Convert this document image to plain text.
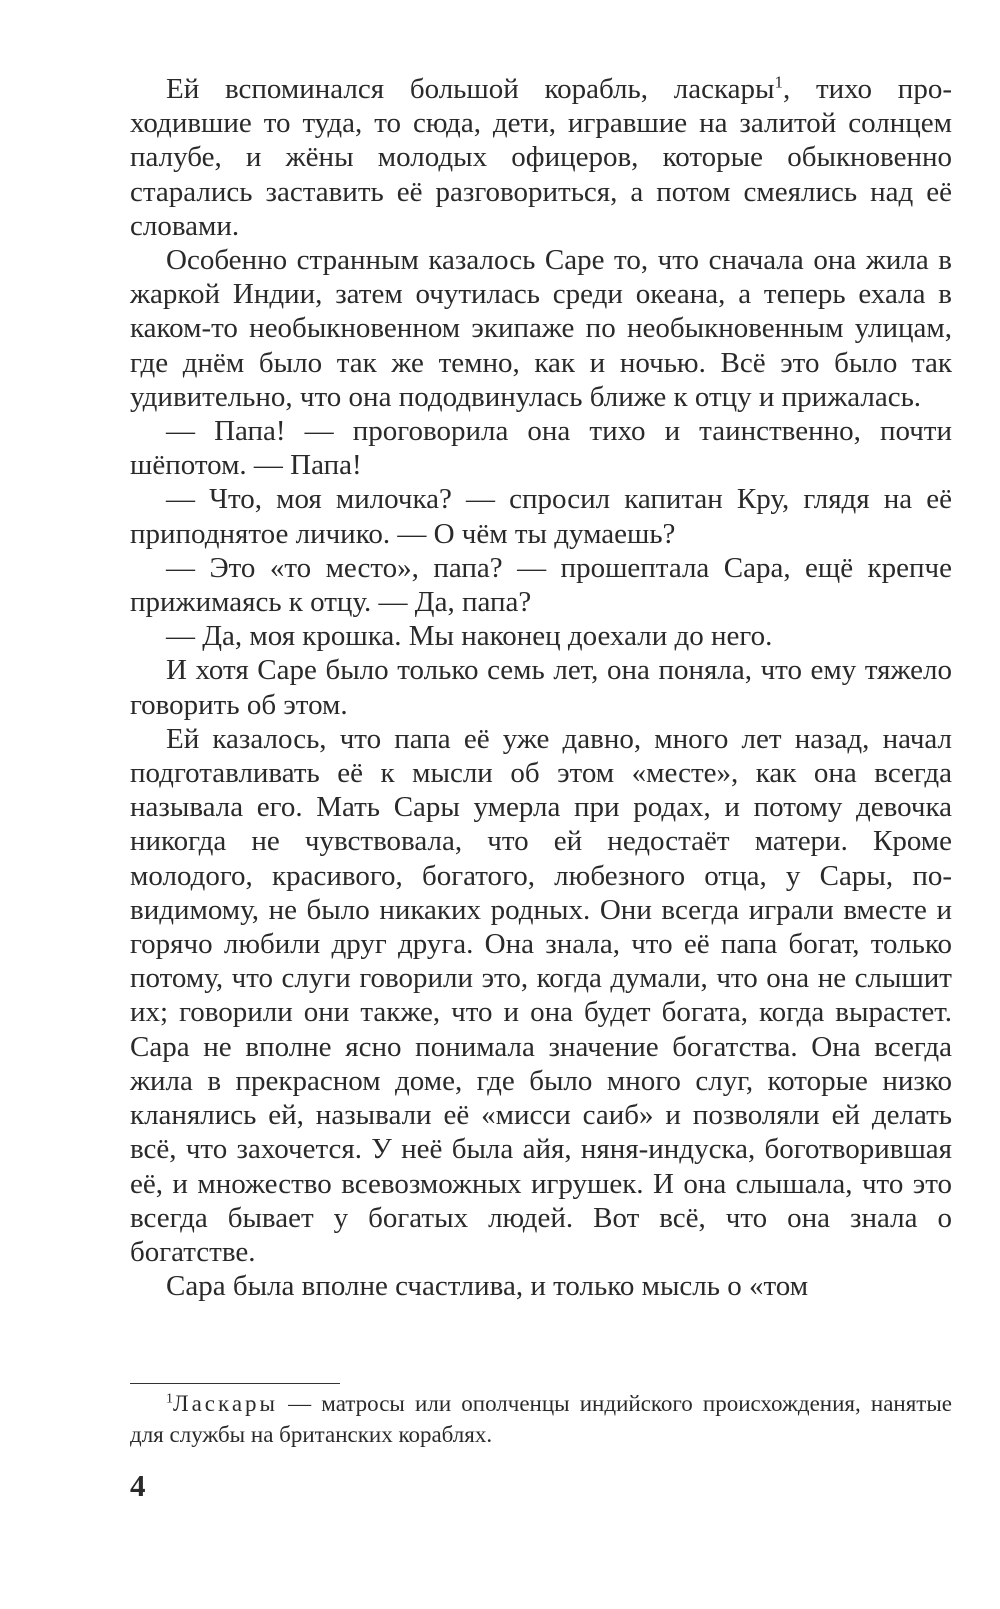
Ей вспоминался большой корабль, ласкары$^1$, тихо проходившие то туда, то сюда, дети, игравшие на залитой солнцем палубе, и жёны молодых офицеров, которые обыкновенно старались заставить её разговориться, а потом смеялись над её словами.

Особенно странным казалось Саре то, что сначала она жила в жаркой Индии, затем очутилась среди океана, а теперь ехала в каком-то необыкновенном экипаже по необыкновенным улицам, где днём было так же темно, как и ночью. Всё это было так удивительно, что она пододвинулась ближе к отцу и прижалась.

— Папа! — проговорила она тихо и таинственно, почти шёпотом. — Папа!

— Что, моя милочка? — спросил капитан Кру, глядя на её приподнятое личико. — О чём ты думаешь?

— Это «то место», папа? — прошептала Сара, ещё крепче прижимаясь к отцу. — Да, папа?

— Да, моя крошка. Мы наконец доехали до него.

И хотя Саре было только семь лет, она поняла, что ему тяжело говорить об этом.

Ей казалось, что папа её уже давно, много лет назад, начал подготавливать её к мысли об этом «месте», как она всегда называла его. Мать Сары умерла при родах, и потому девочка никогда не чувствовала, что ей недостаёт матери. Кроме молодого, красивого, богатого, любезного отца, у Сары, по-видимому, не было никаких родных. Они всегда играли вместе и горячо любили друг друга. Она знала, что её папа богат, только потому, что слуги говорили это, когда думали, что она не слышит их; говорили они также, что и она будет богата, когда вырастет. Сара не вполне ясно понимала значение богатства. Она всегда жила в прекрасном доме, где было много слуг, которые низко кланялись ей, называли её «мисси саиб» и позволяли ей делать всё, что захочется. У неё была айя, няня-индуска, боготворившая её, и множество всевозможных игрушек. И она слышала, что это всегда бывает у богатых людей. Вот всё, что она знала о богатстве.

Сара была вполне счастлива, и только мысль о «том

$^1$Ласкары — матросы или ополченцы индийского происхождения, нанятые для службы на британских кораблях.

4
